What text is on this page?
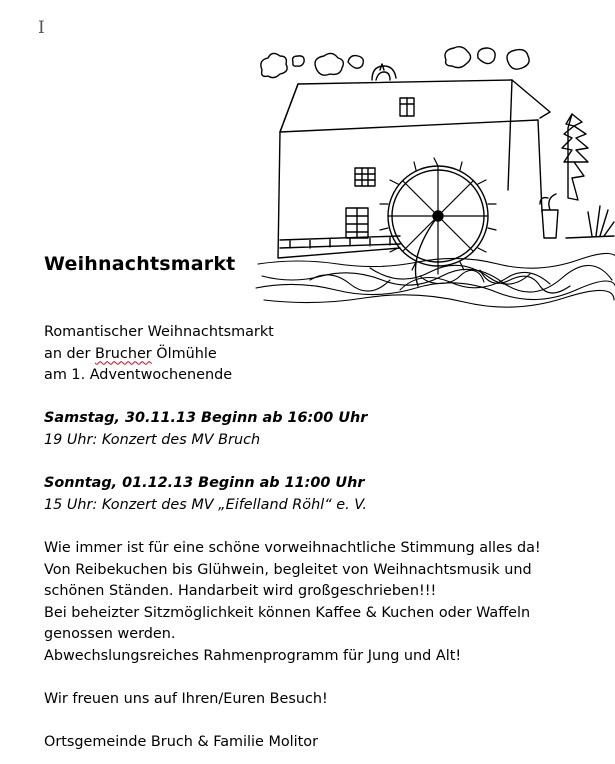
I
Weihnachtsmarkt
Romantischer Weihnachtsmarkt
an der Brucher Ölmühle
am 1. Adventwochenende
Samstag, 30.11.13 Beginn ab 16:00 Uhr
19 Uhr: Konzert des MV Bruch
Sonntag, 01.12.13 Beginn ab 11:00 Uhr
15 Uhr: Konzert des MV „Eifelland Röhl“ e. V.
Wie immer ist für eine schöne vorweihnachtliche Stimmung alles da!
Von Reibekuchen bis Glühwein, begleitet von Weihnachtsmusik und
schönen Ständen. Handarbeit wird großgeschrieben!!!
Bei beheizter Sitzmöglichkeit können Kaffee & Kuchen oder Waffeln
genossen werden.
Abwechslungsreiches Rahmenprogramm für Jung und Alt!
Wir freuen uns auf Ihren/Euren Besuch!
Ortsgemeinde Bruch & Familie Molitor
